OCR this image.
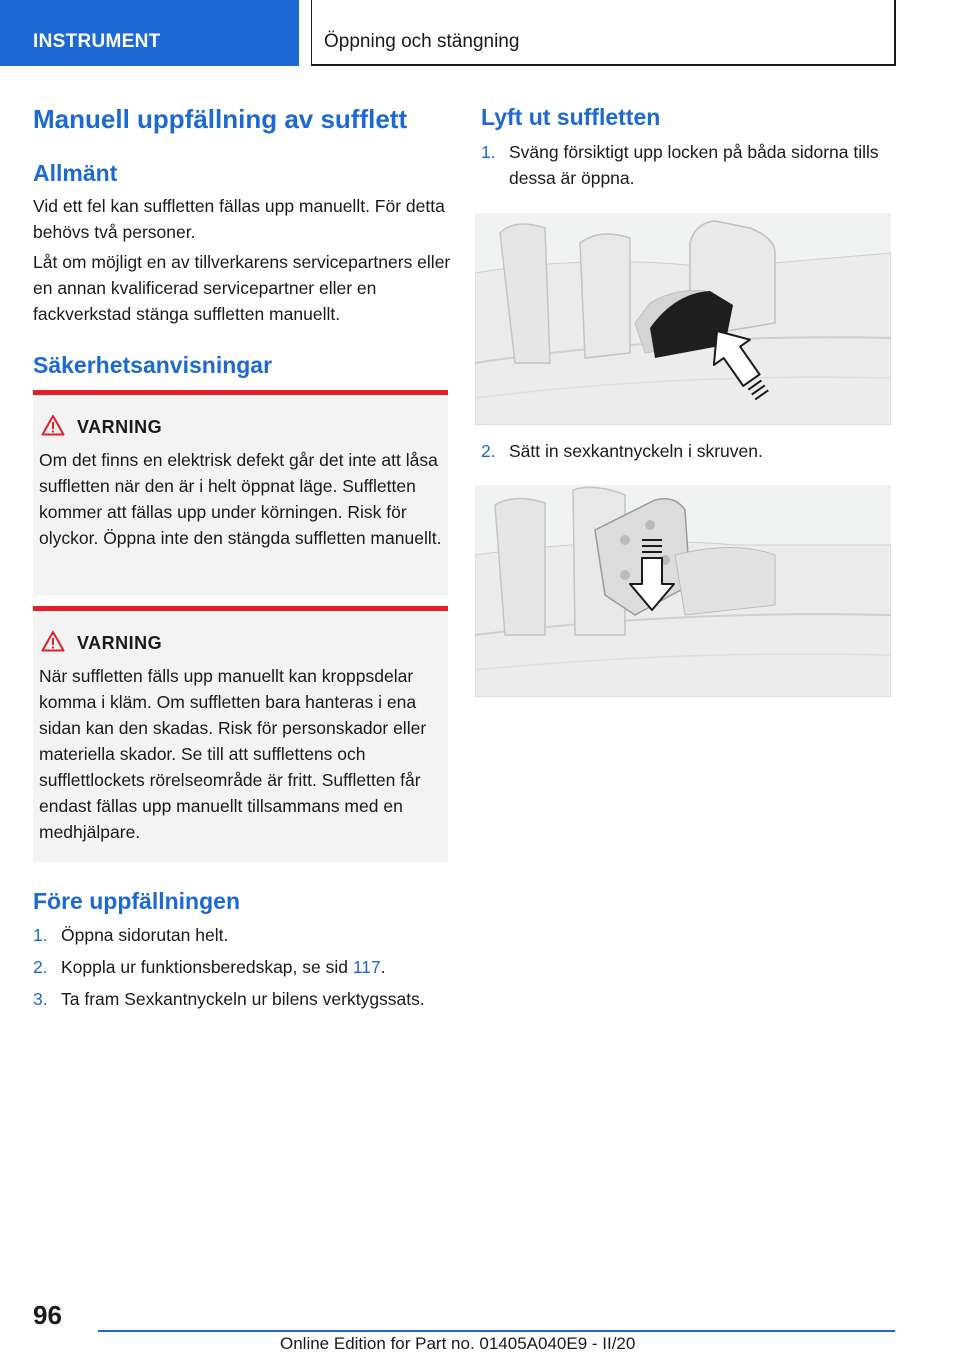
INSTRUMENT	Öppning och stängning
Manuell uppfällning av sufflett
Allmänt

Vid ett fel kan suffletten fällas upp manuellt. För detta behövs två personer.

Låt om möjligt en av tillverkarens servicepartners eller en annan kvalificerad servicepartner eller en fackverkstad stänga suffletten manuellt.

Säkerhetsanvisningar
VARNING
Om det finns en elektrisk defekt går det inte att låsa suffletten när den är i helt öppnat läge. Suffletten kommer att fällas upp under körningen. Risk för olyckor. Öppna inte den stängda suffletten manuellt.
VARNING
När suffletten fälls upp manuellt kan kroppsdelar komma i kläm. Om suffletten bara hanteras i ena sidan kan den skadas. Risk för personskador eller materiella skador. Se till att sufflettens och sufflettlockets rörelseområde är fritt. Suffletten får endast fällas upp manuellt tillsammans med en medhjälpare.
Före uppfällningen
1. Öppna sidorutan helt.
2. Koppla ur funktionsberedskap, se sid 117.
3. Ta fram Sexkantnyckeln ur bilens verktygssats.
Lyft ut suffletten
1. Sväng försiktigt upp locken på båda sidorna tills dessa är öppna.
2. Sätt in sexkantnyckeln i skruven.
96
Online Edition for Part no. 01405A040E9 - II/20
